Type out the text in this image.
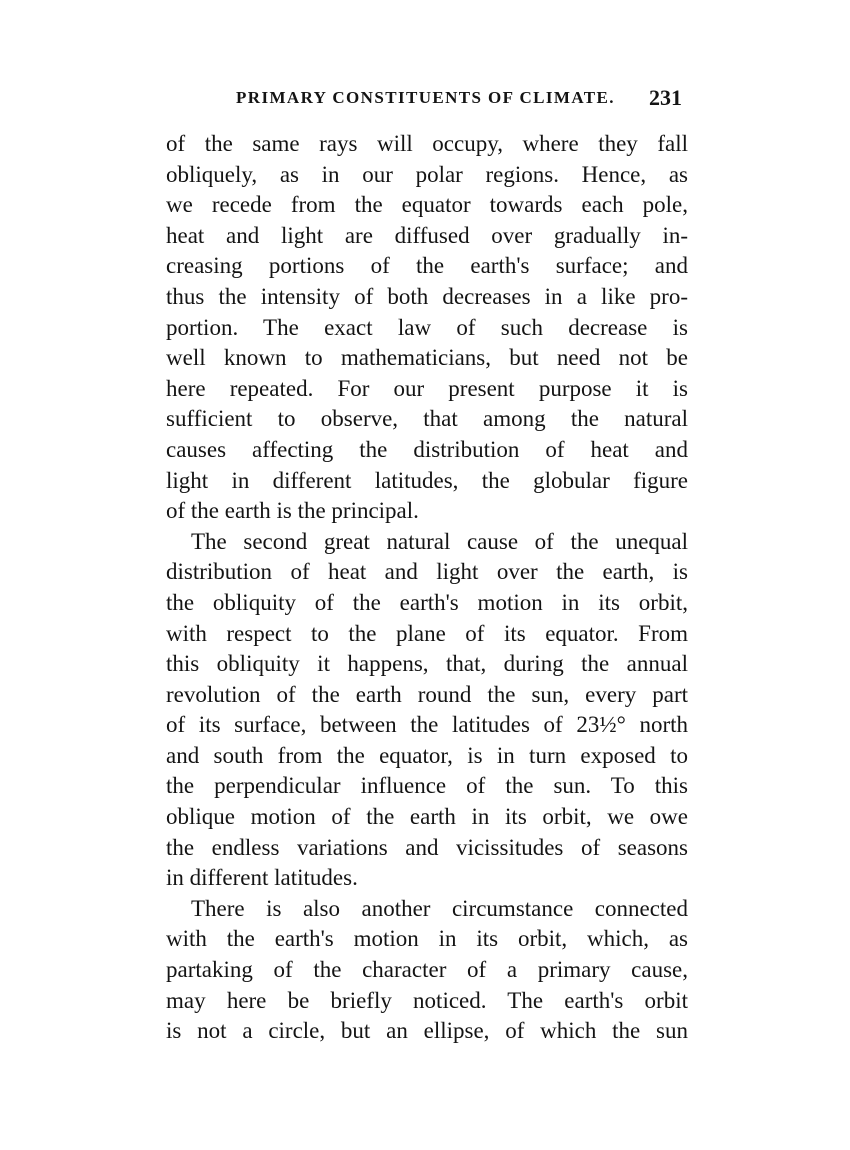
PRIMARY CONSTITUENTS OF CLIMATE. 231
of the same rays will occupy, where they fall
obliquely, as in our polar regions. Hence, as
we recede from the equator towards each pole,
heat and light are diffused over gradually in-
creasing portions of the earth's surface; and
thus the intensity of both decreases in a like pro-
portion. The exact law of such decrease is
well known to mathematicians, but need not be
here repeated. For our present purpose it is
sufficient to observe, that among the natural
causes affecting the distribution of heat and
light in different latitudes, the globular figure
of the earth is the principal.
The second great natural cause of the unequal
distribution of heat and light over the earth, is
the obliquity of the earth's motion in its orbit,
with respect to the plane of its equator. From
this obliquity it happens, that, during the annual
revolution of the earth round the sun, every part
of its surface, between the latitudes of 23½° north
and south from the equator, is in turn exposed to
the perpendicular influence of the sun. To this
oblique motion of the earth in its orbit, we owe
the endless variations and vicissitudes of seasons
in different latitudes.
There is also another circumstance connected
with the earth's motion in its orbit, which, as
partaking of the character of a primary cause,
may here be briefly noticed. The earth's orbit
is not a circle, but an ellipse, of which the sun
